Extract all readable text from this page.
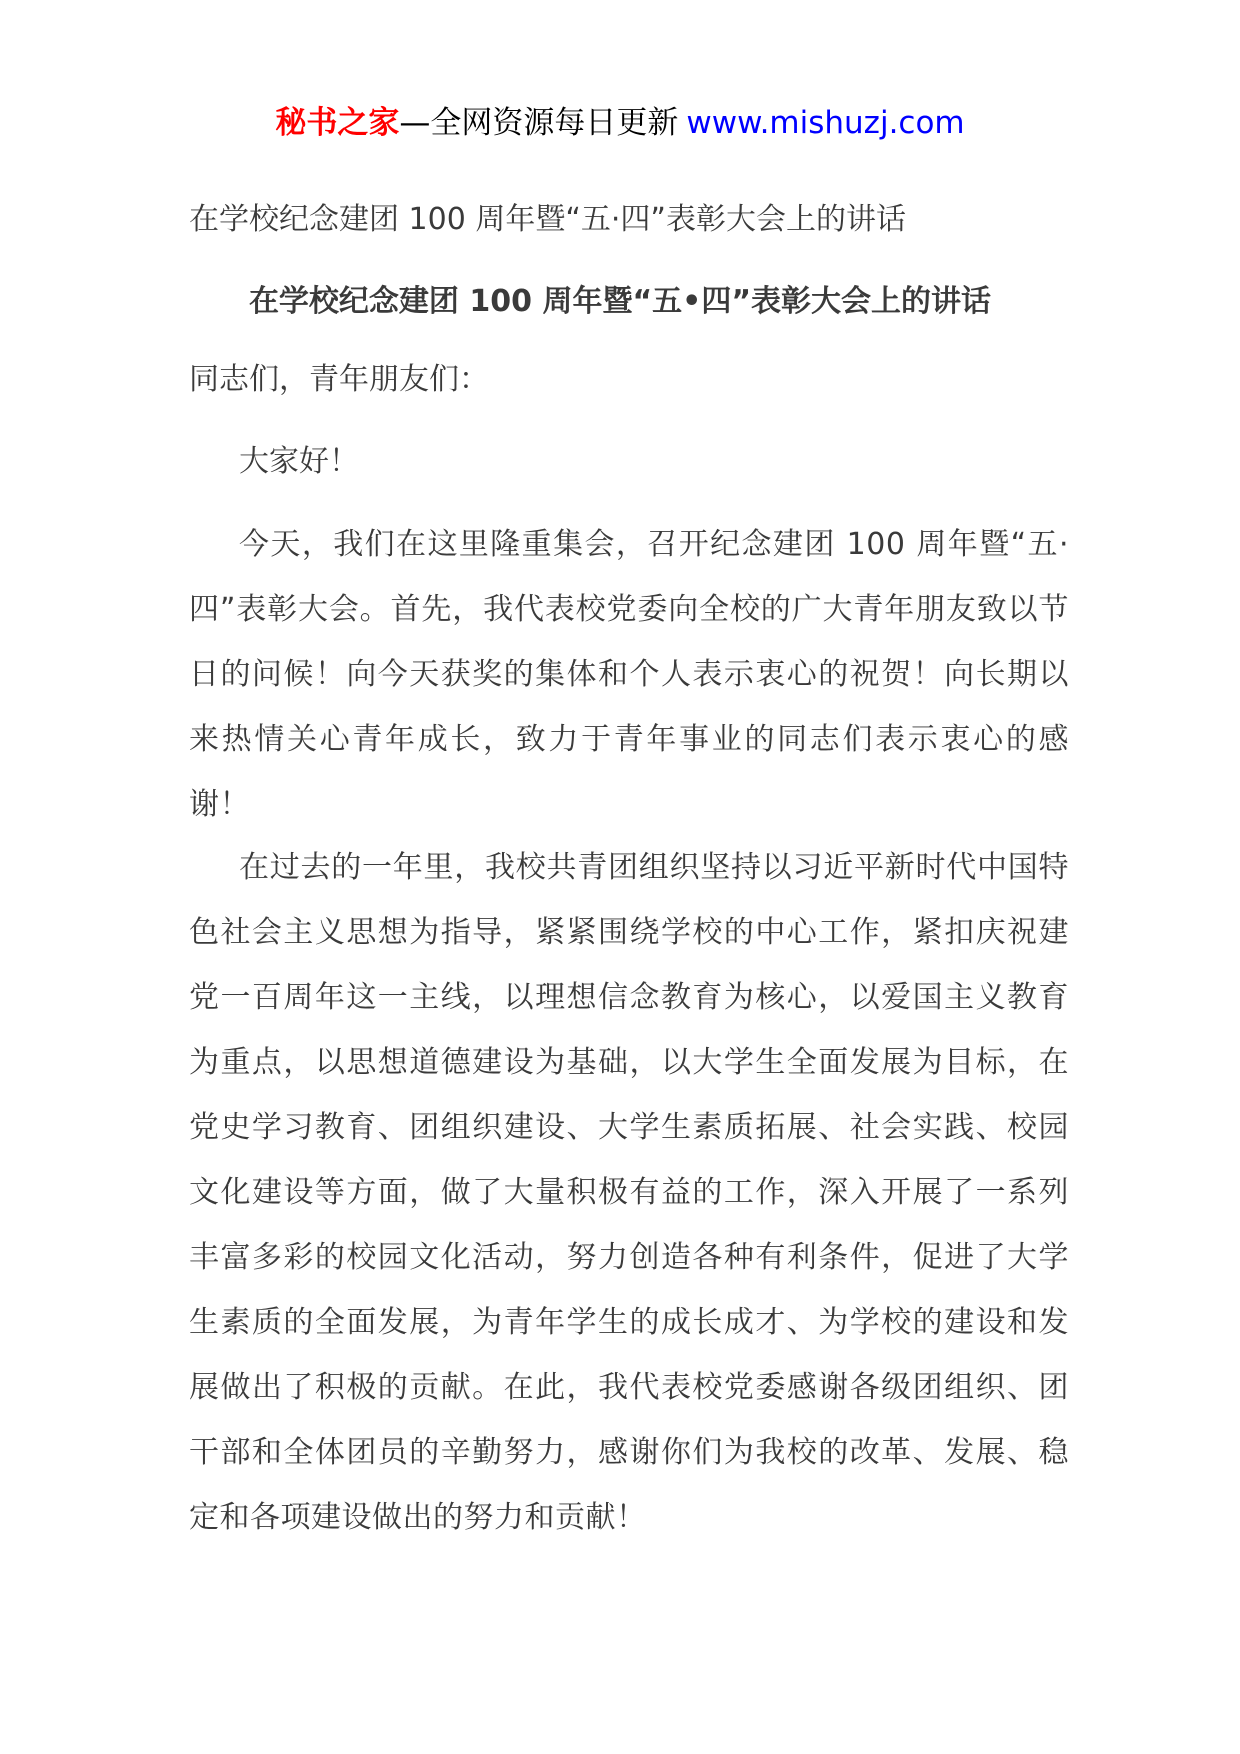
秘书之家—全网资源每日更新 www.mishuzj.com
在学校纪念建团 100 周年暨“五·四”表彰大会上的讲话
在学校纪念建团 100 周年暨“五•四”表彰大会上的讲话
同志们，青年朋友们：
大家好！
今天，我们在这里隆重集会，召开纪念建团 100 周年暨“五·四”表彰大会。首先，我代表校党委向全校的广大青年朋友致以节日的问候！向今天获奖的集体和个人表示衷心的祝贺！向长期以来热情关心青年成长，致力于青年事业的同志们表示衷心的感谢！
在过去的一年里，我校共青团组织坚持以习近平新时代中国特色社会主义思想为指导，紧紧围绕学校的中心工作，紧扣庆祝建党一百周年这一主线，以理想信念教育为核心，以爱国主义教育为重点，以思想道德建设为基础，以大学生全面发展为目标，在党史学习教育、团组织建设、大学生素质拓展、社会实践、校园文化建设等方面，做了大量积极有益的工作，深入开展了一系列丰富多彩的校园文化活动，努力创造各种有利条件，促进了大学生素质的全面发展，为青年学生的成长成才、为学校的建设和发展做出了积极的贡献。在此，我代表校党委感谢各级团组织、团干部和全体团员的辛勤努力，感谢你们为我校的改革、发展、稳定和各项建设做出的努力和贡献！
